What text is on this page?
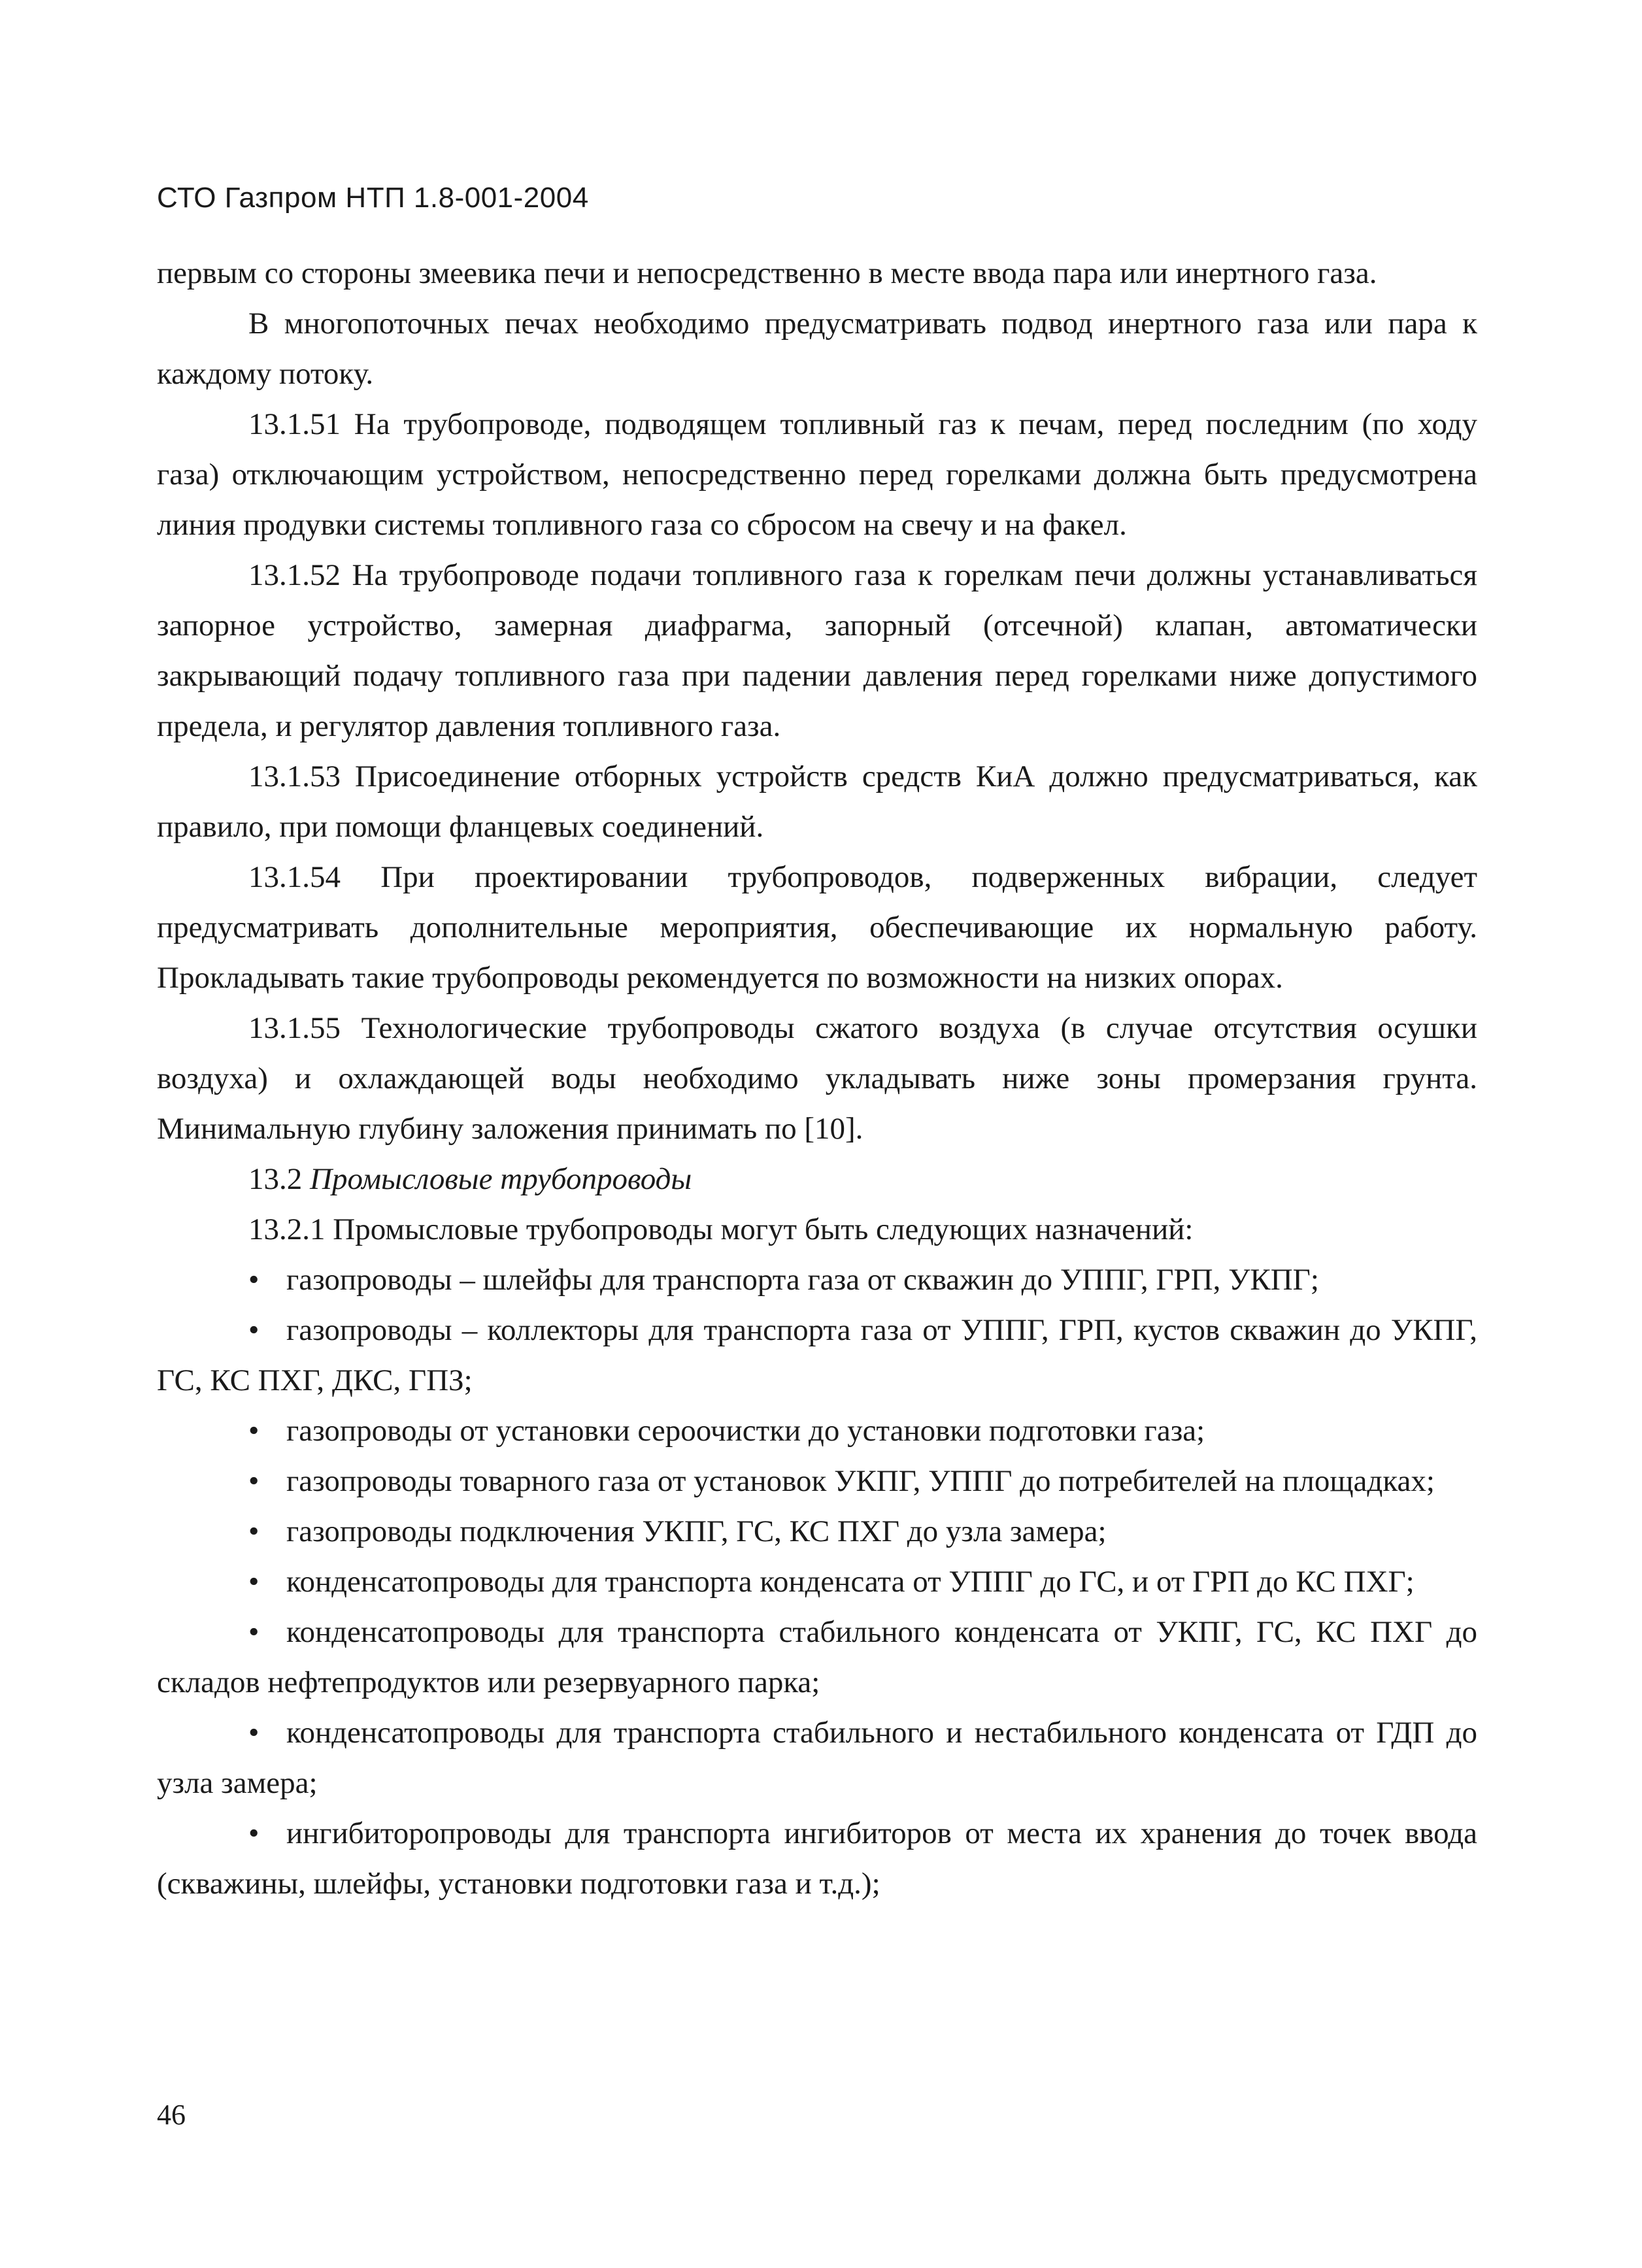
СТО Газпром НТП 1.8-001-2004

первым со стороны змеевика печи и непосредственно в месте ввода пара или инертного газа.

В многопоточных печах необходимо предусматривать подвод инертного газа или пара к каждому потоку.

13.1.51 На трубопроводе, подводящем топливный газ к печам, перед последним (по ходу газа) отключающим устройством, непосредственно перед горелками должна быть предусмотрена линия продувки системы топливного газа со сбросом на свечу и на факел.

13.1.52 На трубопроводе подачи топливного газа к горелкам печи должны устанавливаться запорное устройство, замерная диафрагма, запорный (отсечной) клапан, автоматически закрывающий подачу топливного газа при падении давления перед горелками ниже допустимого предела, и регулятор давления топливного газа.

13.1.53 Присоединение отборных устройств средств КиА должно предусматриваться, как правило, при помощи фланцевых соединений.

13.1.54 При проектировании трубопроводов, подверженных вибрации, следует предусматривать дополнительные мероприятия, обеспечивающие их нормальную работу. Прокладывать такие трубопроводы рекомендуется по возможности на низких опорах.

13.1.55 Технологические трубопроводы сжатого воздуха (в случае отсутствия осушки воздуха) и охлаждающей воды необходимо укладывать ниже зоны промерзания грунта. Минимальную глубину заложения принимать по [10].

13.2 Промысловые трубопроводы

13.2.1 Промысловые трубопроводы могут быть следующих назначений:

• газопроводы – шлейфы для транспорта газа от скважин до УППГ, ГРП, УКПГ;
• газопроводы – коллекторы для транспорта газа от УППГ, ГРП, кустов скважин до УКПГ, ГС, КС ПХГ, ДКС, ГПЗ;
• газопроводы от установки сероочистки до установки подготовки газа;
• газопроводы товарного газа от установок УКПГ, УППГ до потребителей на площадках;
• газопроводы подключения УКПГ, ГС, КС ПХГ до узла замера;
• конденсатопроводы для транспорта конденсата от УППГ до ГС, и от ГРП до КС ПХГ;
• конденсатопроводы для транспорта стабильного конденсата от УКПГ, ГС, КС ПХГ до складов нефтепродуктов или резервуарного парка;
• конденсатопроводы для транспорта стабильного и нестабильного конденсата от ГДП до узла замера;
• ингибиторопроводы для транспорта ингибиторов от места их хранения до точек ввода (скважины, шлейфы, установки подготовки газа и т.д.);
46
